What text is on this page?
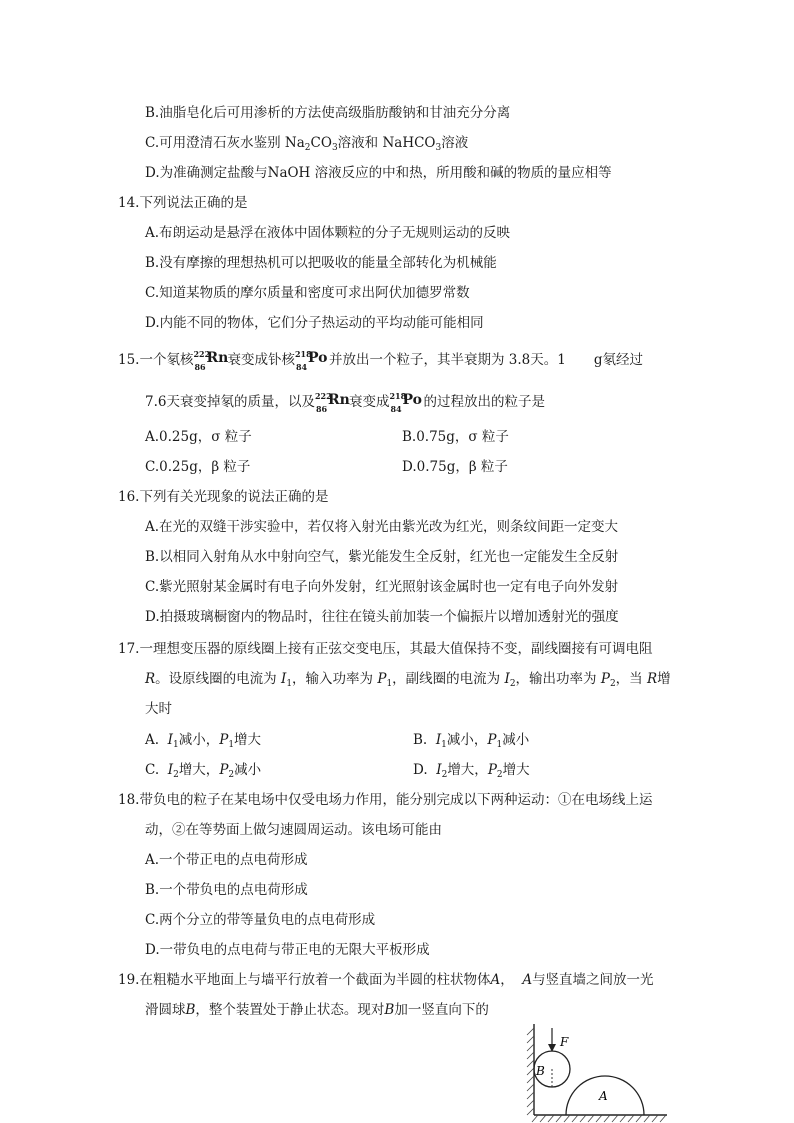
B.油脂皂化后可用渗析的方法使高级脂肪酸钠和甘油充分分离
C.可用澄清石灰水鉴别 $Na_2CO_3$溶液和 NaHCO$_3$溶液
D.为准确测定盐酸与NaOH 溶液反应的中和热，所用酸和碱的物质的量应相等
14.下列说法正确的是
A.布朗运动是悬浮在液体中固体颗粒的分子无规则运动的反映
B.没有摩擦的理想热机可以把吸收的能量全部转化为机械能
C.知道某物质的摩尔质量和密度可求出阿伏加德罗常数
D.内能不同的物体，它们分子热运动的平均动能可能相同
15.一个氡核 222
86
Rn 衰变成钋核 218
84
Po 并放出一个粒子，其半衰期为 3.8天。1 g氡经过
7.6天衰变掉氡的质量，以及 222
86
Rn 衰变成 218
84
Po 的过程放出的粒子是
A.0.25g，σ 粒子	B.0.75g，σ 粒子
C.0.25g，β 粒子	D.0.75g，β 粒子
16.下列有关光现象的说法正确的是
A.在光的双缝干涉实验中，若仅将入射光由紫光改为红光，则条纹间距一定变大
B.以相同入射角从水中射向空气，紫光能发生全反射，红光也一定能发生全反射
C.紫光照射某金属时有电子向外发射，红光照射该金属时也一定有电子向外发射
D.拍摄玻璃橱窗内的物品时，往往在镜头前加装一个偏振片以增加透射光的强度
17.一理想变压器的原线圈上接有正弦交变电压，其最大值保持不变，副线圈接有可调电阻
R。设原线圈的电流为 $I_1$，输入功率为 $P_1$，副线圈的电流为 $I_2$，输出功率为 $P_2$，当 R增
大时
A. $I_1$减小，$P_1$增大	B. $I_1$减小，$P_1$减小
C. $I_2$增大，$P_2$减小	D. $I_2$增大，$P_2$增大
18.带负电的粒子在某电场中仅受电场力作用，能分别完成以下两种运动：①在电场线上运
动，②在等势面上做匀速圆周运动。该电场可能由
A.一个带正电的点电荷形成
B.一个带负电的点电荷形成
C.两个分立的带等量负电的点电荷形成
D.一带负电的点电荷与带正电的无限大平板形成
19.在粗糙水平地面上与墙平行放着一个截面为半圆的柱状物体A， A与竖直墙之间放一光
滑圆球B，整个装置处于静止状态。现对B加一竖直向下的
F
B
A
